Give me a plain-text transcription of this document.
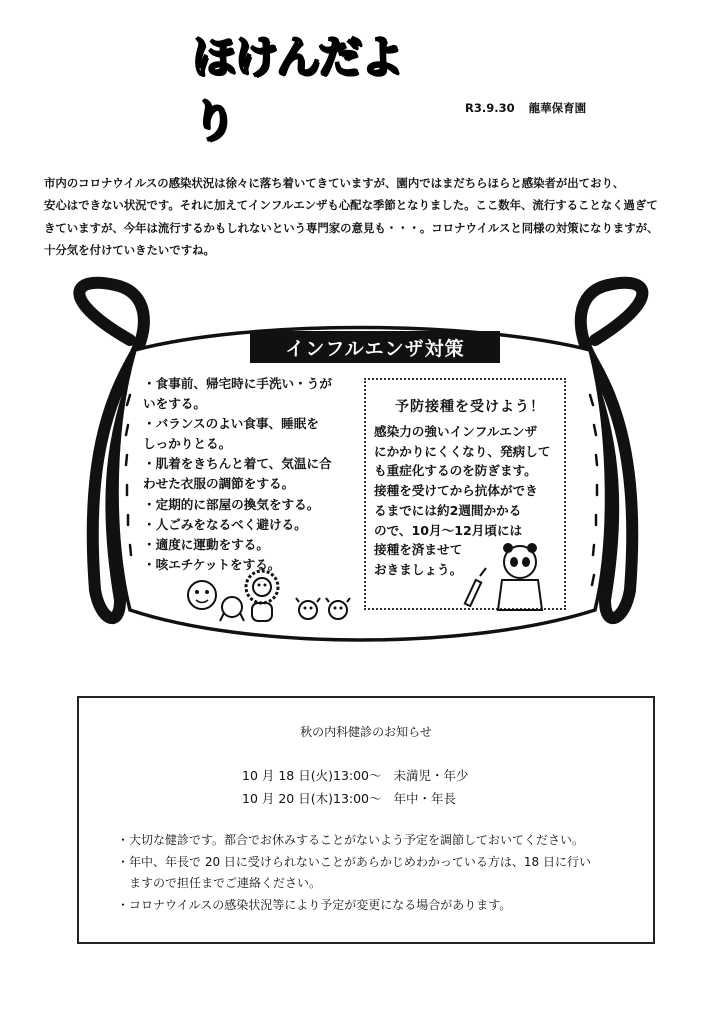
ほけんだより	R3.9.30 龍華保育園
市内のコロナウイルスの感染状況は徐々に落ち着いてきていますが、園内ではまだちらほらと感染者が出ており、
安心はできない状況です。それに加えてインフルエンザも心配な季節となりました。ここ数年、流行することなく過ぎて
きていますが、今年は流行するかもしれないという専門家の意見も・・・。コロナウイルスと同様の対策になりますが、
十分気を付けていきたいですね。
インフルエンザ対策
・食事前、帰宅時に手洗い・うが
いをする。
・バランスのよい食事、睡眠を
しっかりとる。
・肌着をきちんと着て、気温に合
わせた衣服の調節をする。
・定期的に部屋の換気をする。
・人ごみをなるべく避ける。
・適度に運動をする。
・咳エチケットをする。
予防接種を受けよう！
感染力の強いインフルエンザ
にかかりにくくなり、発病して
も重症化するのを防ぎます。
接種を受けてから抗体ができ
るまでには約2週間かかる
ので、10月～12月頃には
接種を済ませて
おきましょう。
秋の内科健診のお知らせ
10 月 18 日(火)13:00～ 未満児・年少
10 月 20 日(木)13:00～ 年中・年長
・大切な健診です。都合でお休みすることがないよう予定を調節しておいてください。
・年中、年長で 20 日に受けられないことがあらかじめわかっている方は、18 日に行い
　ますので担任までご連絡ください。
・コロナウイルスの感染状況等により予定が変更になる場合があります。
